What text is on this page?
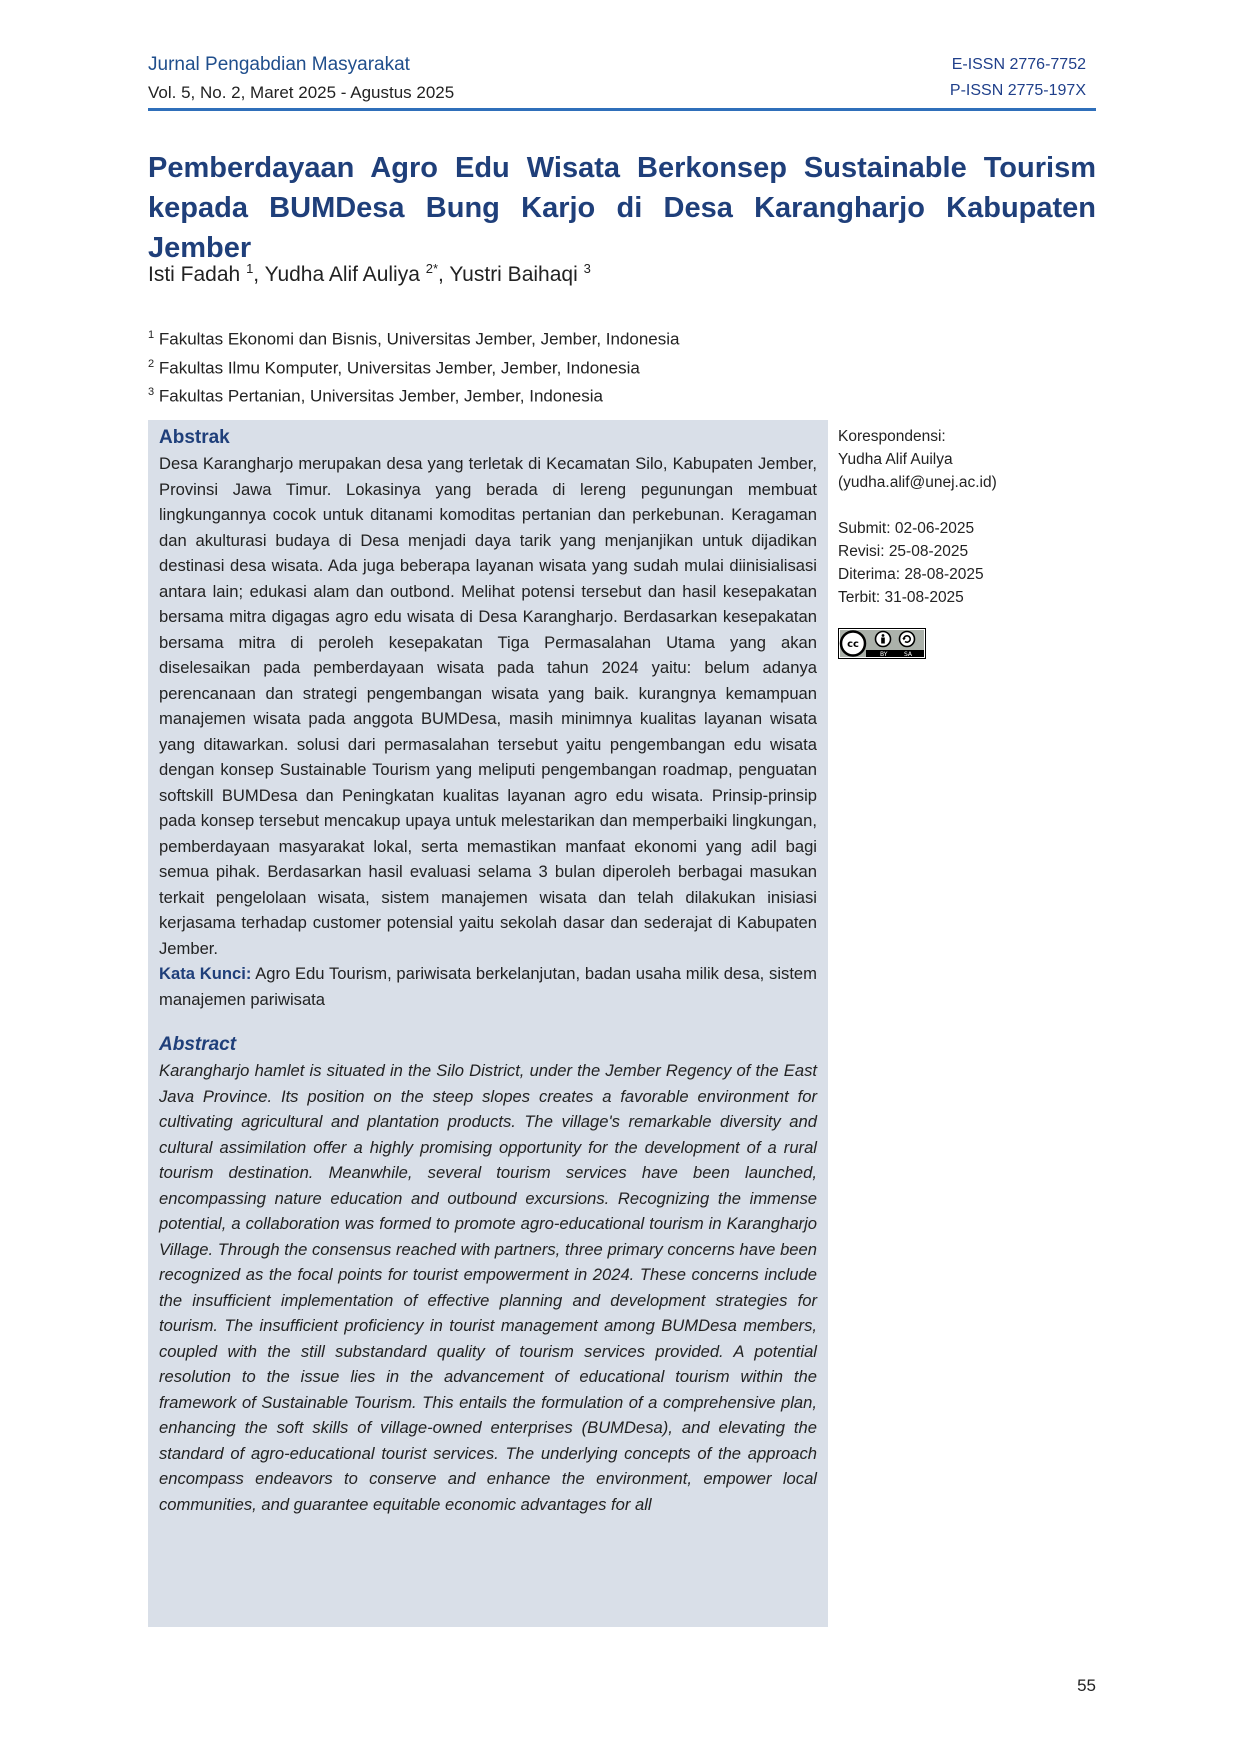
Jurnal Pengabdian Masyarakat
Vol. 5, No. 2, Maret 2025 - Agustus 2025
E-ISSN 2776-7752
P-ISSN 2775-197X
Pemberdayaan Agro Edu Wisata Berkonsep Sustainable Tourism kepada BUMDesa Bung Karjo di Desa Karangharjo Kabupaten Jember
Isti Fadah $^1$, Yudha Alif Auliya $^{2*}$, Yustri Baihaqi $^3$
$^1$ Fakultas Ekonomi dan Bisnis, Universitas Jember, Jember, Indonesia
$^2$ Fakultas Ilmu Komputer, Universitas Jember, Jember, Indonesia
$^3$ Fakultas Pertanian, Universitas Jember, Jember, Indonesia
Abstrak

Desa Karangharjo merupakan desa yang terletak di Kecamatan Silo, Kabupaten Jember, Provinsi Jawa Timur. Lokasinya yang berada di lereng pegunungan membuat lingkungannya cocok untuk ditanami komoditas pertanian dan perkebunan. Keragaman dan akulturasi budaya di Desa menjadi daya tarik yang menjanjikan untuk dijadikan destinasi desa wisata. Ada juga beberapa layanan wisata yang sudah mulai diinisialisasi antara lain; edukasi alam dan outbond. Melihat potensi tersebut dan hasil kesepakatan bersama mitra digagas agro edu wisata di Desa Karangharjo. Berdasarkan kesepakatan bersama mitra di peroleh kesepakatan Tiga Permasalahan Utama yang akan diselesaikan pada pemberdayaan wisata pada tahun 2024 yaitu: belum adanya perencanaan dan strategi pengembangan wisata yang baik. kurangnya kemampuan manajemen wisata pada anggota BUMDesa, masih minimnya kualitas layanan wisata yang ditawarkan. solusi dari permasalahan tersebut yaitu pengembangan edu wisata dengan konsep Sustainable Tourism yang meliputi pengembangan roadmap, penguatan softskill BUMDesa dan Peningkatan kualitas layanan agro edu wisata. Prinsip-prinsip pada konsep tersebut mencakup upaya untuk melestarikan dan memperbaiki lingkungan, pemberdayaan masyarakat lokal, serta memastikan manfaat ekonomi yang adil bagi semua pihak. Berdasarkan hasil evaluasi selama 3 bulan diperoleh berbagai masukan terkait pengelolaan wisata, sistem manajemen wisata dan telah dilakukan inisiasi kerjasama terhadap customer potensial yaitu sekolah dasar dan sederajat di Kabupaten Jember.

Kata Kunci: Agro Edu Tourism, pariwisata berkelanjutan, badan usaha milik desa, sistem manajemen pariwisata

Abstract

Karangharjo hamlet is situated in the Silo District, under the Jember Regency of the East Java Province. Its position on the steep slopes creates a favorable environment for cultivating agricultural and plantation products. The village's remarkable diversity and cultural assimilation offer a highly promising opportunity for the development of a rural tourism destination. Meanwhile, several tourism services have been launched, encompassing nature education and outbound excursions. Recognizing the immense potential, a collaboration was formed to promote agro-educational tourism in Karangharjo Village. Through the consensus reached with partners, three primary concerns have been recognized as the focal points for tourist empowerment in 2024. These concerns include the insufficient implementation of effective planning and development strategies for tourism. The insufficient proficiency in tourist management among BUMDesa members, coupled with the still substandard quality of tourism services provided. A potential resolution to the issue lies in the advancement of educational tourism within the framework of Sustainable Tourism. This entails the formulation of a comprehensive plan, enhancing the soft skills of village-owned enterprises (BUMDesa), and elevating the standard of agro-educational tourist services. The underlying concepts of the approach encompass endeavors to conserve and enhance the environment, empower local communities, and guarantee equitable economic advantages for all

Korespondensi:
Yudha Alif Auilya
(yudha.alif@unej.ac.id)
Submit: 02-06-2025
Revisi: 25-08-2025
Diterima: 28-08-2025
Terbit: 31-08-2025
BY	SA
cc
55
